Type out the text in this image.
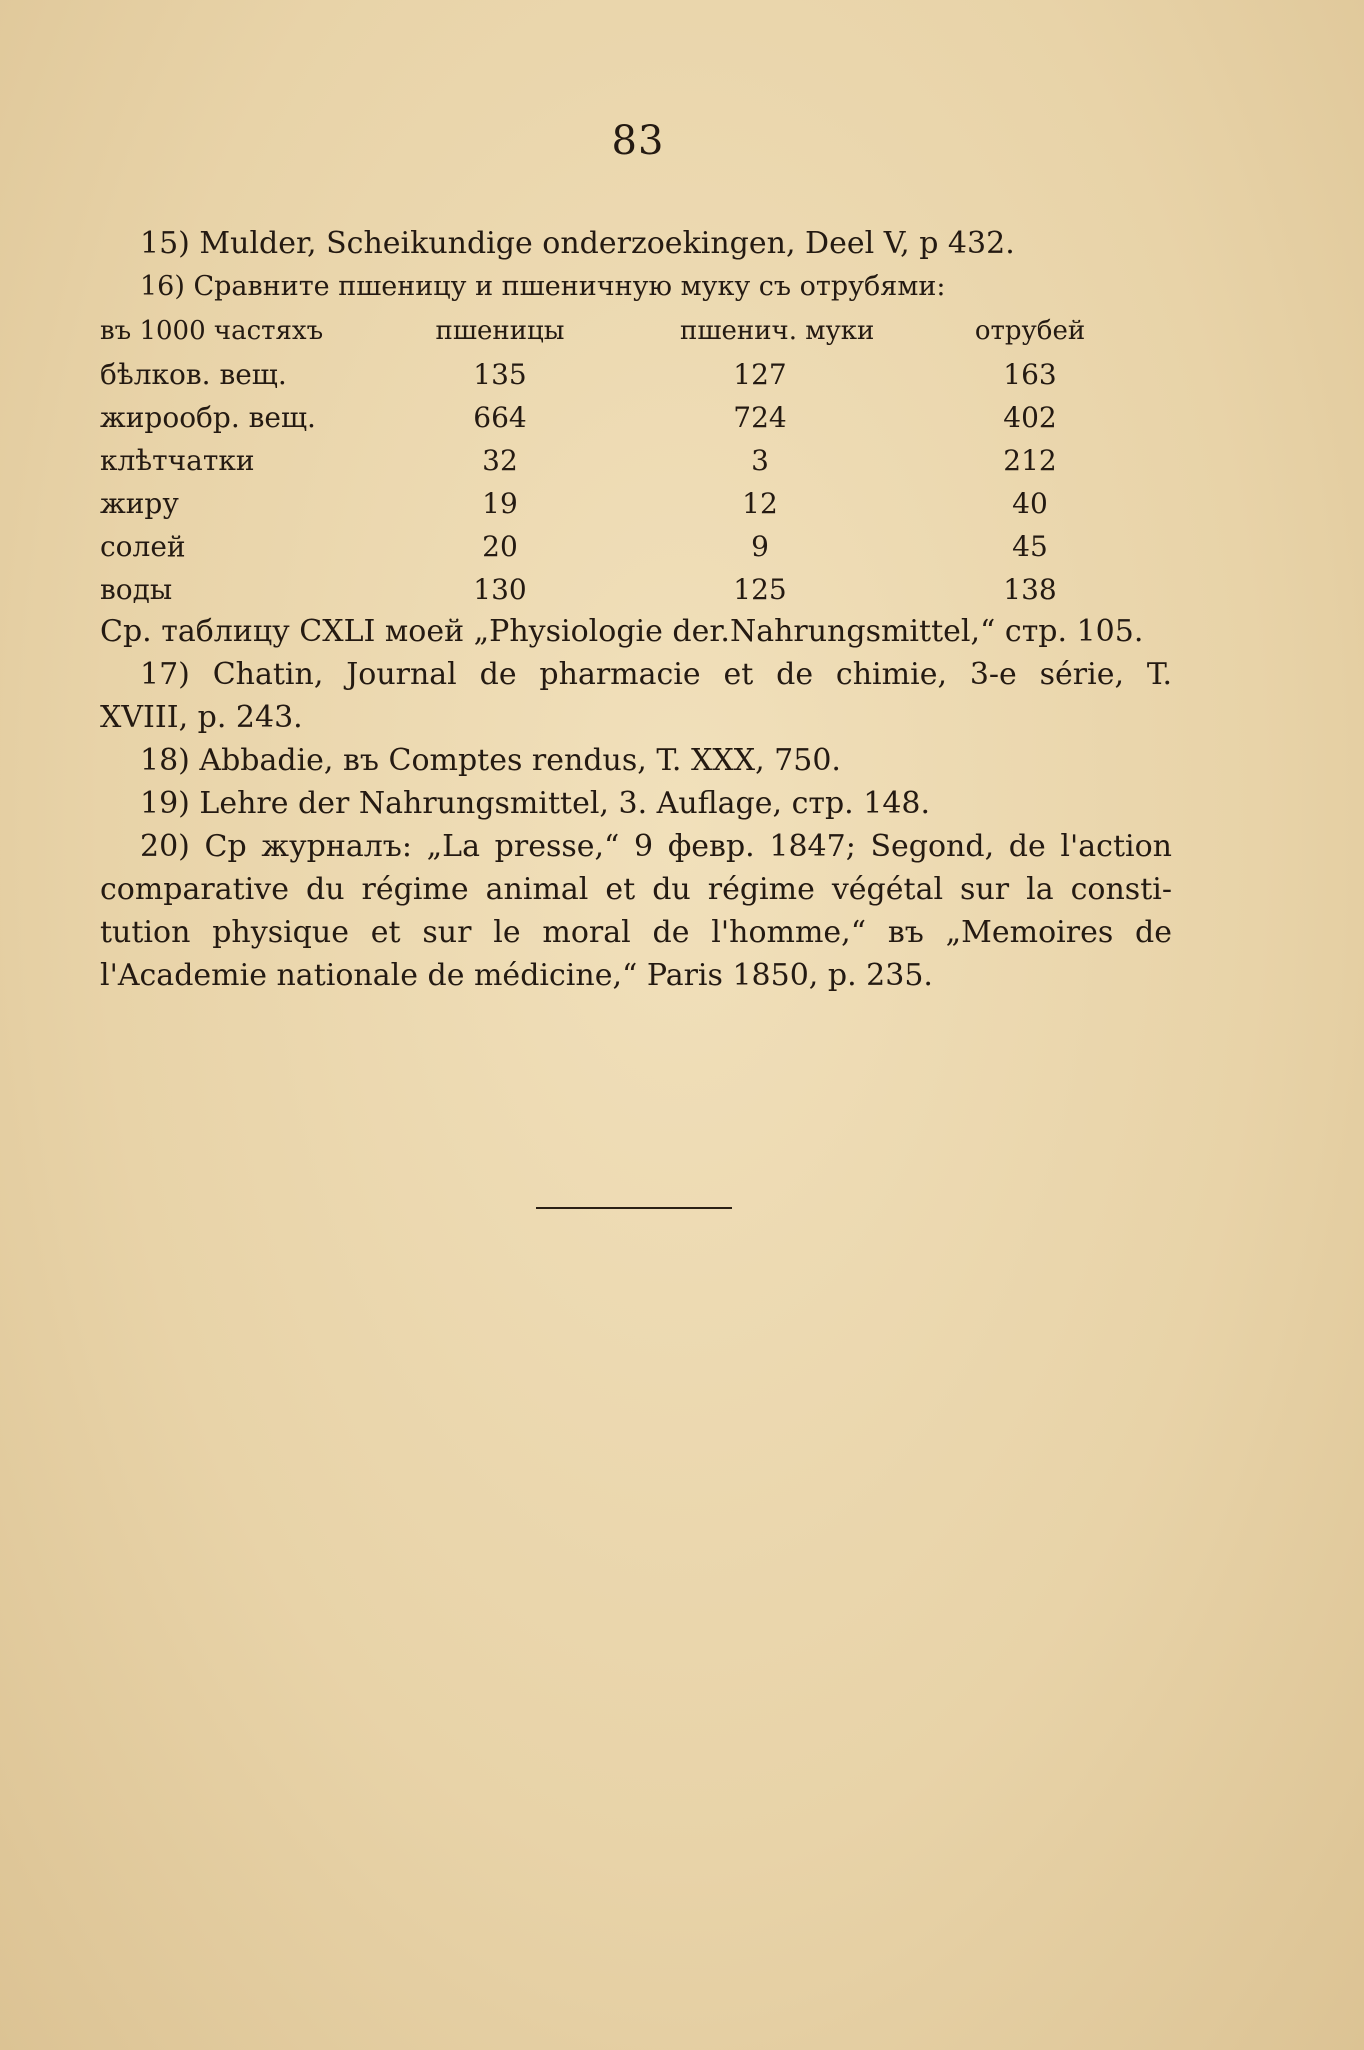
83
15) Mulder, Scheikundige onderzoekingen, Deel V, p 432.
16) Сравните пшеницу и пшеничную муку съ отрубями:
въ 1000 частяхъ	пшеницы	пшенич. муки	отрубей
бѣлков. вещ.	135	127	163
жирообр. вещ.	664	724	402
клѣтчатки	32	3	212
жиру	19	12	40
солей	20	9	45
воды	130	125	138
Ср. таблицу CXLI моей „Physiologie der.Nahrungsmittel,“ стр. 105.
17) Chatin, Journal de pharmacie et de chimie, 3-e série, T.
XVIII, p. 243.
18) Abbadie, въ Comptes rendus, T. XXX, 750.
19) Lehre der Nahrungsmittel, 3. Auflage, стр. 148.
20) Ср журналъ: „La presse,“ 9 февр. 1847; Segond, de l'action
comparative du régime animal et du régime végétal sur la consti-
tution physique et sur le moral de l'homme,“ въ „Memoires de
l'Academie nationale de médicine,“ Paris 1850, p. 235.
